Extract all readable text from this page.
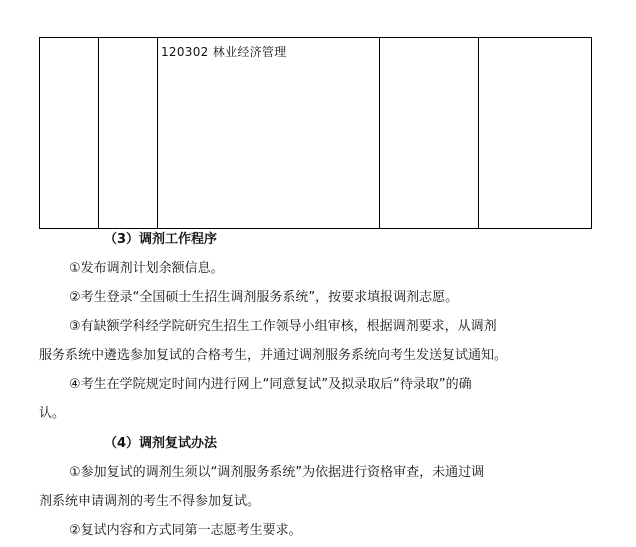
120302 林业经济管理

（3）调剂工作程序
①发布调剂计划余额信息。
②考生登录“全国硕士生招生调剂服务系统”，按要求填报调剂志愿。
③有缺额学科经学院研究生招生工作领导小组审核，根据调剂要求，从调剂
服务系统中遴选参加复试的合格考生，并通过调剂服务系统向考生发送复试通知。
④考生在学院规定时间内进行网上“同意复试”及拟录取后“待录取”的确
认。
（4）调剂复试办法
①参加复试的调剂生须以“调剂服务系统”为依据进行资格审查，未通过调
剂系统申请调剂的考生不得参加复试。
②复试内容和方式同第一志愿考生要求。
